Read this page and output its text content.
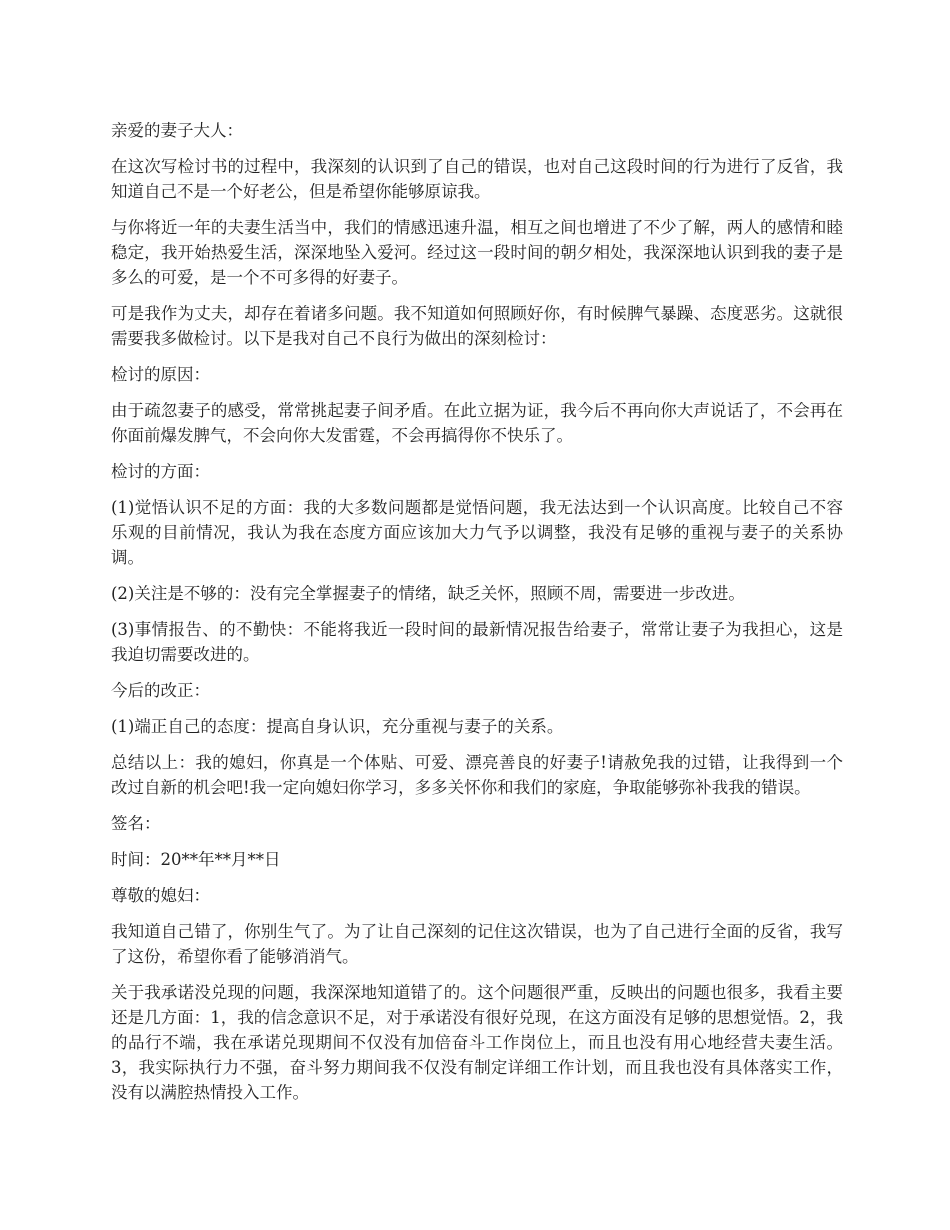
亲爱的妻子大人：

在这次写检讨书的过程中，我深刻的认识到了自己的错误，也对自己这段时间的行为进行了反省，我知道自己不是一个好老公，但是希望你能够原谅我。

与你将近一年的夫妻生活当中，我们的情感迅速升温，相互之间也增进了不少了解，两人的感情和睦稳定，我开始热爱生活，深深地坠入爱河。经过这一段时间的朝夕相处，我深深地认识到我的妻子是多么的可爱，是一个不可多得的好妻子。

可是我作为丈夫，却存在着诸多问题。我不知道如何照顾好你，有时候脾气暴躁、态度恶劣。这就很需要我多做检讨。以下是我对自己不良行为做出的深刻检讨：

检讨的原因：

由于疏忽妻子的感受，常常挑起妻子间矛盾。在此立据为证，我今后不再向你大声说话了，不会再在你面前爆发脾气，不会向你大发雷霆，不会再搞得你不快乐了。

检讨的方面：

(1)觉悟认识不足的方面：我的大多数问题都是觉悟问题，我无法达到一个认识高度。比较自己不容乐观的目前情况，我认为我在态度方面应该加大力气予以调整，我没有足够的重视与妻子的关系协调。

(2)关注是不够的：没有完全掌握妻子的情绪，缺乏关怀，照顾不周，需要进一步改进。

(3)事情报告、的不勤快：不能将我近一段时间的最新情况报告给妻子，常常让妻子为我担心，这是我迫切需要改进的。

今后的改正：

(1)端正自己的态度：提高自身认识，充分重视与妻子的关系。

总结以上：我的媳妇，你真是一个体贴、可爱、漂亮善良的好妻子!请赦免我的过错，让我得到一个改过自新的机会吧!我一定向媳妇你学习，多多关怀你和我们的家庭，争取能够弥补我我的错误。

签名：

时间：20**年**月**日

尊敬的媳妇：

我知道自己错了，你别生气了。为了让自己深刻的记住这次错误，也为了自己进行全面的反省，我写了这份，希望你看了能够消消气。

关于我承诺没兑现的问题，我深深地知道错了的。这个问题很严重，反映出的问题也很多，我看主要还是几方面：1，我的信念意识不足，对于承诺没有很好兑现，在这方面没有足够的思想觉悟。2，我的品行不端，我在承诺兑现期间不仅没有加倍奋斗工作岗位上，而且也没有用心地经营夫妻生活。3，我实际执行力不强，奋斗努力期间我不仅没有制定详细工作计划，而且我也没有具体落实工作，没有以满腔热情投入工作。
